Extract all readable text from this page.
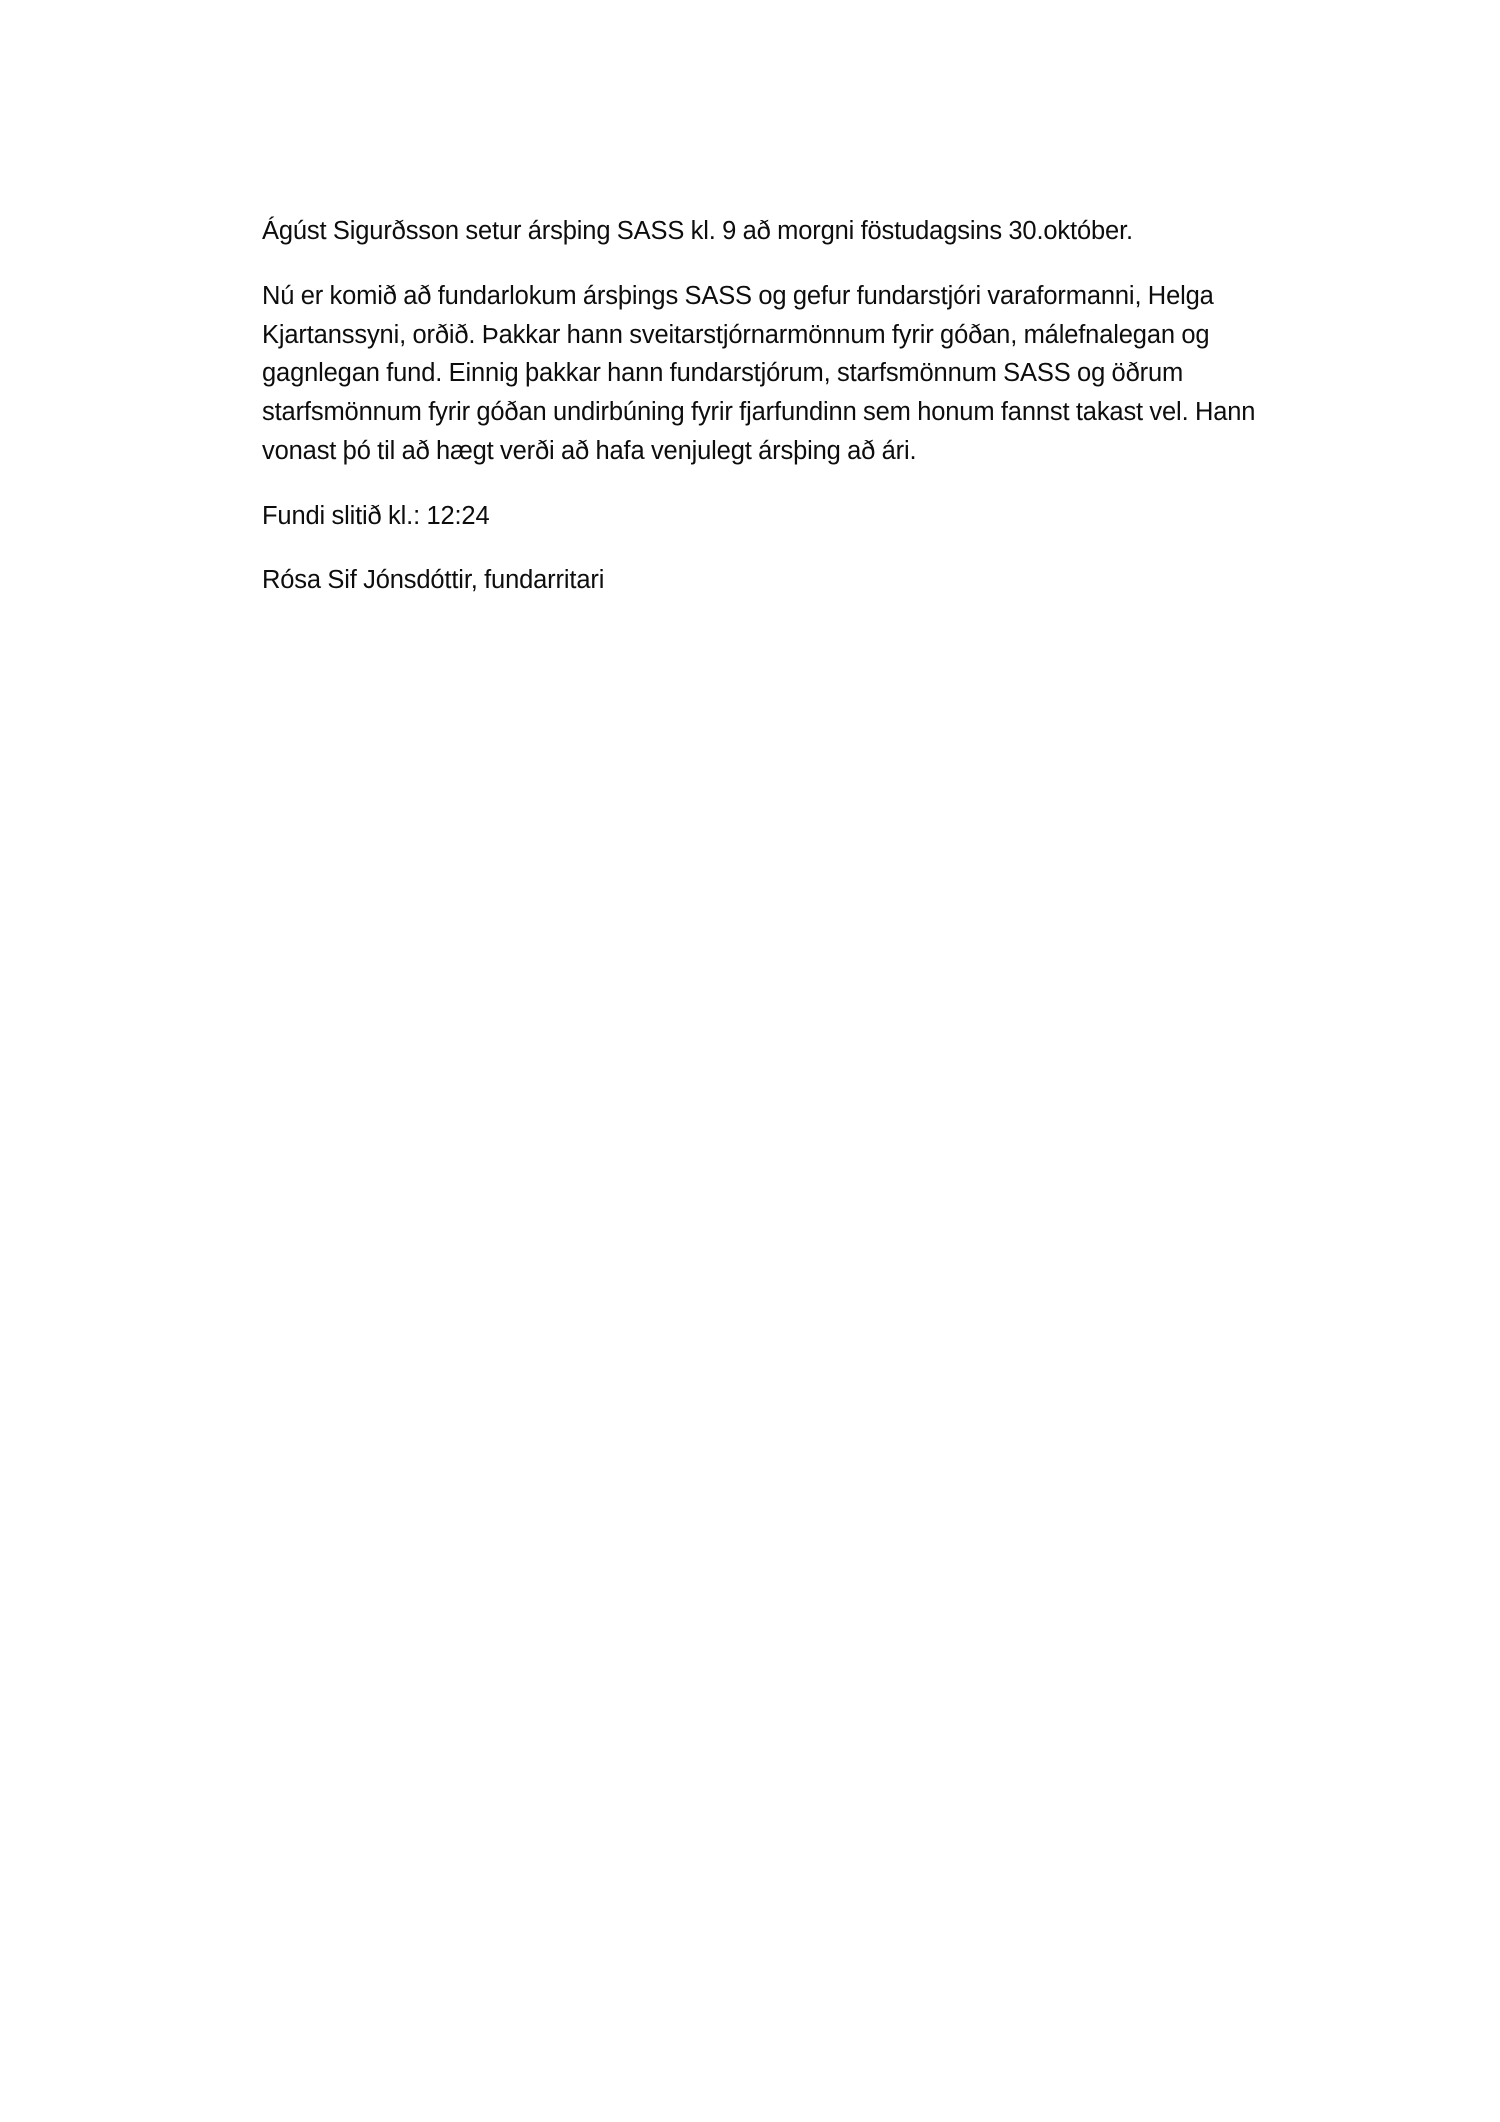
Ágúst Sigurðsson setur ársþing SASS kl. 9 að morgni föstudagsins 30.október.

Nú er komið að fundarlokum ársþings SASS og gefur fundarstjóri varaformanni, Helga Kjartanssyni, orðið. Þakkar hann sveitarstjórnarmönnum fyrir góðan, málefnalegan og gagnlegan fund. Einnig þakkar hann fundarstjórum, starfsmönnum SASS og öðrum starfsmönnum fyrir góðan undirbúning fyrir fjarfundinn sem honum fannst takast vel. Hann vonast þó til að hægt verði að hafa venjulegt ársþing að ári.

Fundi slitið kl.: 12:24

Rósa Sif Jónsdóttir, fundarritari
